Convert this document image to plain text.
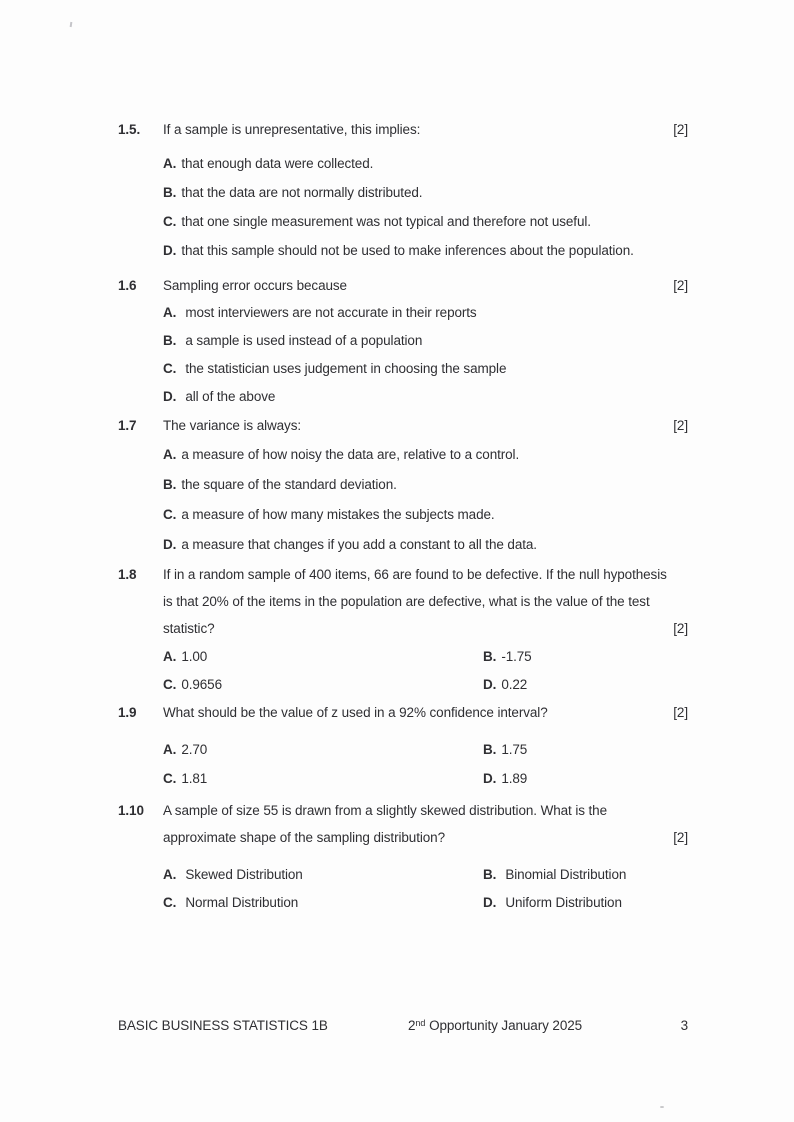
1.5.	If a sample is unrepresentative, this implies:	[2]
A. that enough data were collected.
B. that the data are not normally distributed.
C. that one single measurement was not typical and therefore not useful.
D. that this sample should not be used to make inferences about the population.
1.6	Sampling error occurs because	[2]
A. most interviewers are not accurate in their reports
B. a sample is used instead of a population
C. the statistician uses judgement in choosing the sample
D. all of the above
1.7	The variance is always:	[2]
A. a measure of how noisy the data are, relative to a control.
B. the square of the standard deviation.
C. a measure of how many mistakes the subjects made.
D. a measure that changes if you add a constant to all the data.
1.8	If in a random sample of 400 items, 66 are found to be defective. If the null hypothesis
is that 20% of the items in the population are defective, what is the value of the test
statistic?	[2]
A. 1.00	B. -1.75
C. 0.9656	D. 0.22
1.9	What should be the value of z used in a 92% confidence interval?	[2]
A. 2.70	B. 1.75
C. 1.81	D. 1.89
1.10	A sample of size 55 is drawn from a slightly skewed distribution. What is the
approximate shape of the sampling distribution?	[2]
A. Skewed Distribution	B. Binomial Distribution
C. Normal Distribution	D. Uniform Distribution
BASIC BUSINESS STATISTICS 1B	2nd Opportunity January 2025	3
